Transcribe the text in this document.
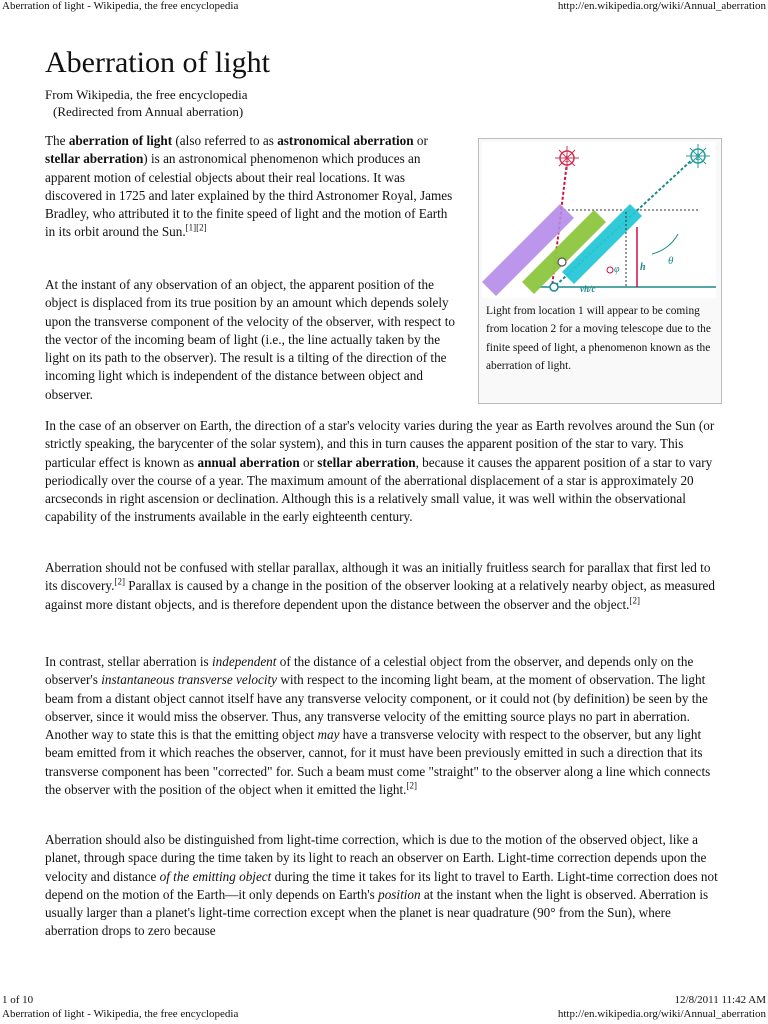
Aberration of light - Wikipedia, the free encyclopedia	http://en.wikipedia.org/wiki/Annual_aberration
Aberration of light
From Wikipedia, the free encyclopedia
(Redirected from Annual aberration)

The aberration of light (also referred to as astronomical aberration or stellar aberration) is an astronomical phenomenon which produces an apparent motion of celestial objects about their real locations. It was discovered in 1725 and later explained by the third Astronomer Royal, James Bradley, who attributed it to the finite speed of light and the motion of Earth in its orbit around the Sun.[1][2]

At the instant of any observation of an object, the apparent position of the object is displaced from its true position by an amount which depends solely upon the transverse component of the velocity of the observer, with respect to the vector of the incoming beam of light (i.e., the line actually taken by the light on its path to the observer). The result is a tilting of the direction of the incoming light which is independent of the distance between object and observer.

In the case of an observer on Earth, the direction of a star's velocity varies during the year as Earth revolves around the Sun (or strictly speaking, the barycenter of the solar system), and this in turn causes the apparent position of the star to vary. This particular effect is known as annual aberration or stellar aberration, because it causes the apparent position of a star to vary periodically over the course of a year. The maximum amount of the aberrational displacement of a star is approximately 20 arcseconds in right ascension or declination. Although this is a relatively small value, it was well within the observational capability of the instruments available in the early eighteenth century.

Aberration should not be confused with stellar parallax, although it was an initially fruitless search for parallax that first led to its discovery.[2] Parallax is caused by a change in the position of the observer looking at a relatively nearby object, as measured against more distant objects, and is therefore dependent upon the distance between the observer and the object.[2]

In contrast, stellar aberration is independent of the distance of a celestial object from the observer, and depends only on the observer's instantaneous transverse velocity with respect to the incoming light beam, at the moment of observation. The light beam from a distant object cannot itself have any transverse velocity component, or it could not (by definition) be seen by the observer, since it would miss the observer. Thus, any transverse velocity of the emitting source plays no part in aberration. Another way to state this is that the emitting object may have a transverse velocity with respect to the observer, but any light beam emitted from it which reaches the observer, cannot, for it must have been previously emitted in such a direction that its transverse component has been "corrected" for. Such a beam must come "straight" to the observer along a line which connects the observer with the position of the object when it emitted the light.[2]

Aberration should also be distinguished from light-time correction, which is due to the motion of the observed object, like a planet, through space during the time taken by its light to reach an observer on Earth. Light-time correction depends upon the velocity and distance of the emitting object during the time it takes for its light to travel to Earth. Light-time correction does not depend on the motion of the Earth—it only depends on Earth's position at the instant when the light is observed. Aberration is usually larger than a planet's light-time correction except when the planet is near quadrature (90° from the Sun), where aberration drops to zero because

1	2
θ
φ h
vh/c
Light from location 1 will appear to be coming from location 2 for a moving telescope due to the finite speed of light, a phenomenon known as the aberration of light.
1 of 10	12/8/2011 11:42 AM
Aberration of light - Wikipedia, the free encyclopedia	http://en.wikipedia.org/wiki/Annual_aberration
